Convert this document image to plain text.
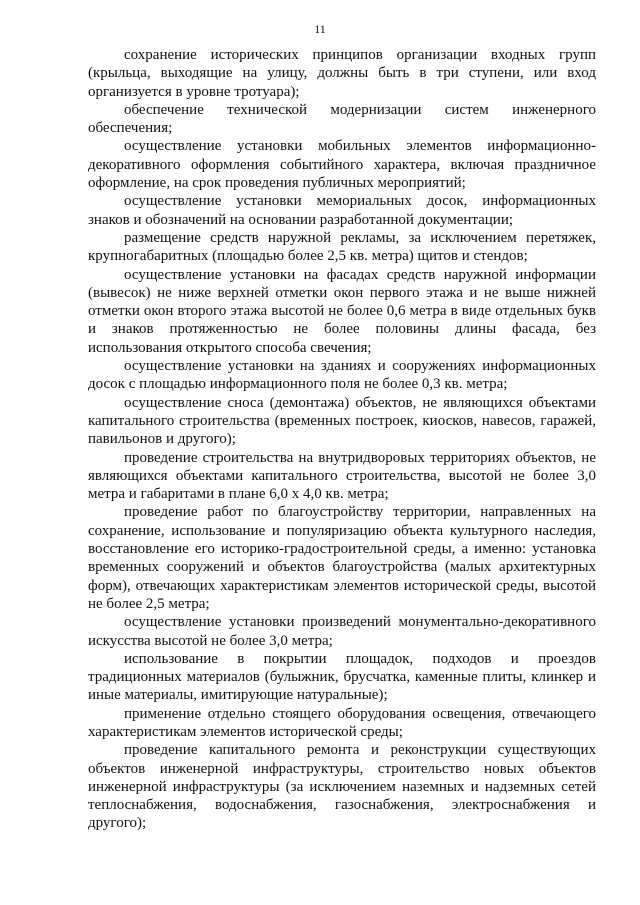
11

сохранение исторических принципов организации входных групп (крыльца, выходящие на улицу, должны быть в три ступени, или вход организуется в уровне тротуара);

обеспечение технической модернизации систем инженерного обеспечения;

осуществление установки мобильных элементов информационно-декоративного оформления событийного характера, включая праздничное оформление, на срок проведения публичных мероприятий;

осуществление установки мемориальных досок, информационных знаков и обозначений на основании разработанной документации;

размещение средств наружной рекламы, за исключением перетяжек, крупногабаритных (площадью более 2,5 кв. метра) щитов и стендов;

осуществление установки на фасадах средств наружной информации (вывесок) не ниже верхней отметки окон первого этажа и не выше нижней отметки окон второго этажа высотой не более 0,6 метра в виде отдельных букв и знаков протяженностью не более половины длины фасада, без использования открытого способа свечения;

осуществление установки на зданиях и сооружениях информационных досок с площадью информационного поля не более 0,3 кв. метра;

осуществление сноса (демонтажа) объектов, не являющихся объектами капитального строительства (временных построек, киосков, навесов, гаражей, павильонов и другого);

проведение строительства на внутридворовых территориях объектов, не являющихся объектами капитального строительства, высотой не более 3,0 метра и габаритами в плане 6,0 х 4,0 кв. метра;

проведение работ по благоустройству территории, направленных на сохранение, использование и популяризацию объекта культурного наследия, восстановление его историко-градостроительной среды, а именно: установка временных сооружений и объектов благоустройства (малых архитектурных форм), отвечающих характеристикам элементов исторической среды, высотой не более 2,5 метра;

осуществление установки произведений монументально-декоративного искусства высотой не более 3,0 метра;

использование в покрытии площадок, подходов и проездов традиционных материалов (булыжник, брусчатка, каменные плиты, клинкер и иные материалы, имитирующие натуральные);

применение отдельно стоящего оборудования освещения, отвечающего характеристикам элементов исторической среды;

проведение капитального ремонта и реконструкции существующих объектов инженерной инфраструктуры, строительство новых объектов инженерной инфраструктуры (за исключением наземных и надземных сетей теплоснабжения, водоснабжения, газоснабжения, электроснабжения и другого);
